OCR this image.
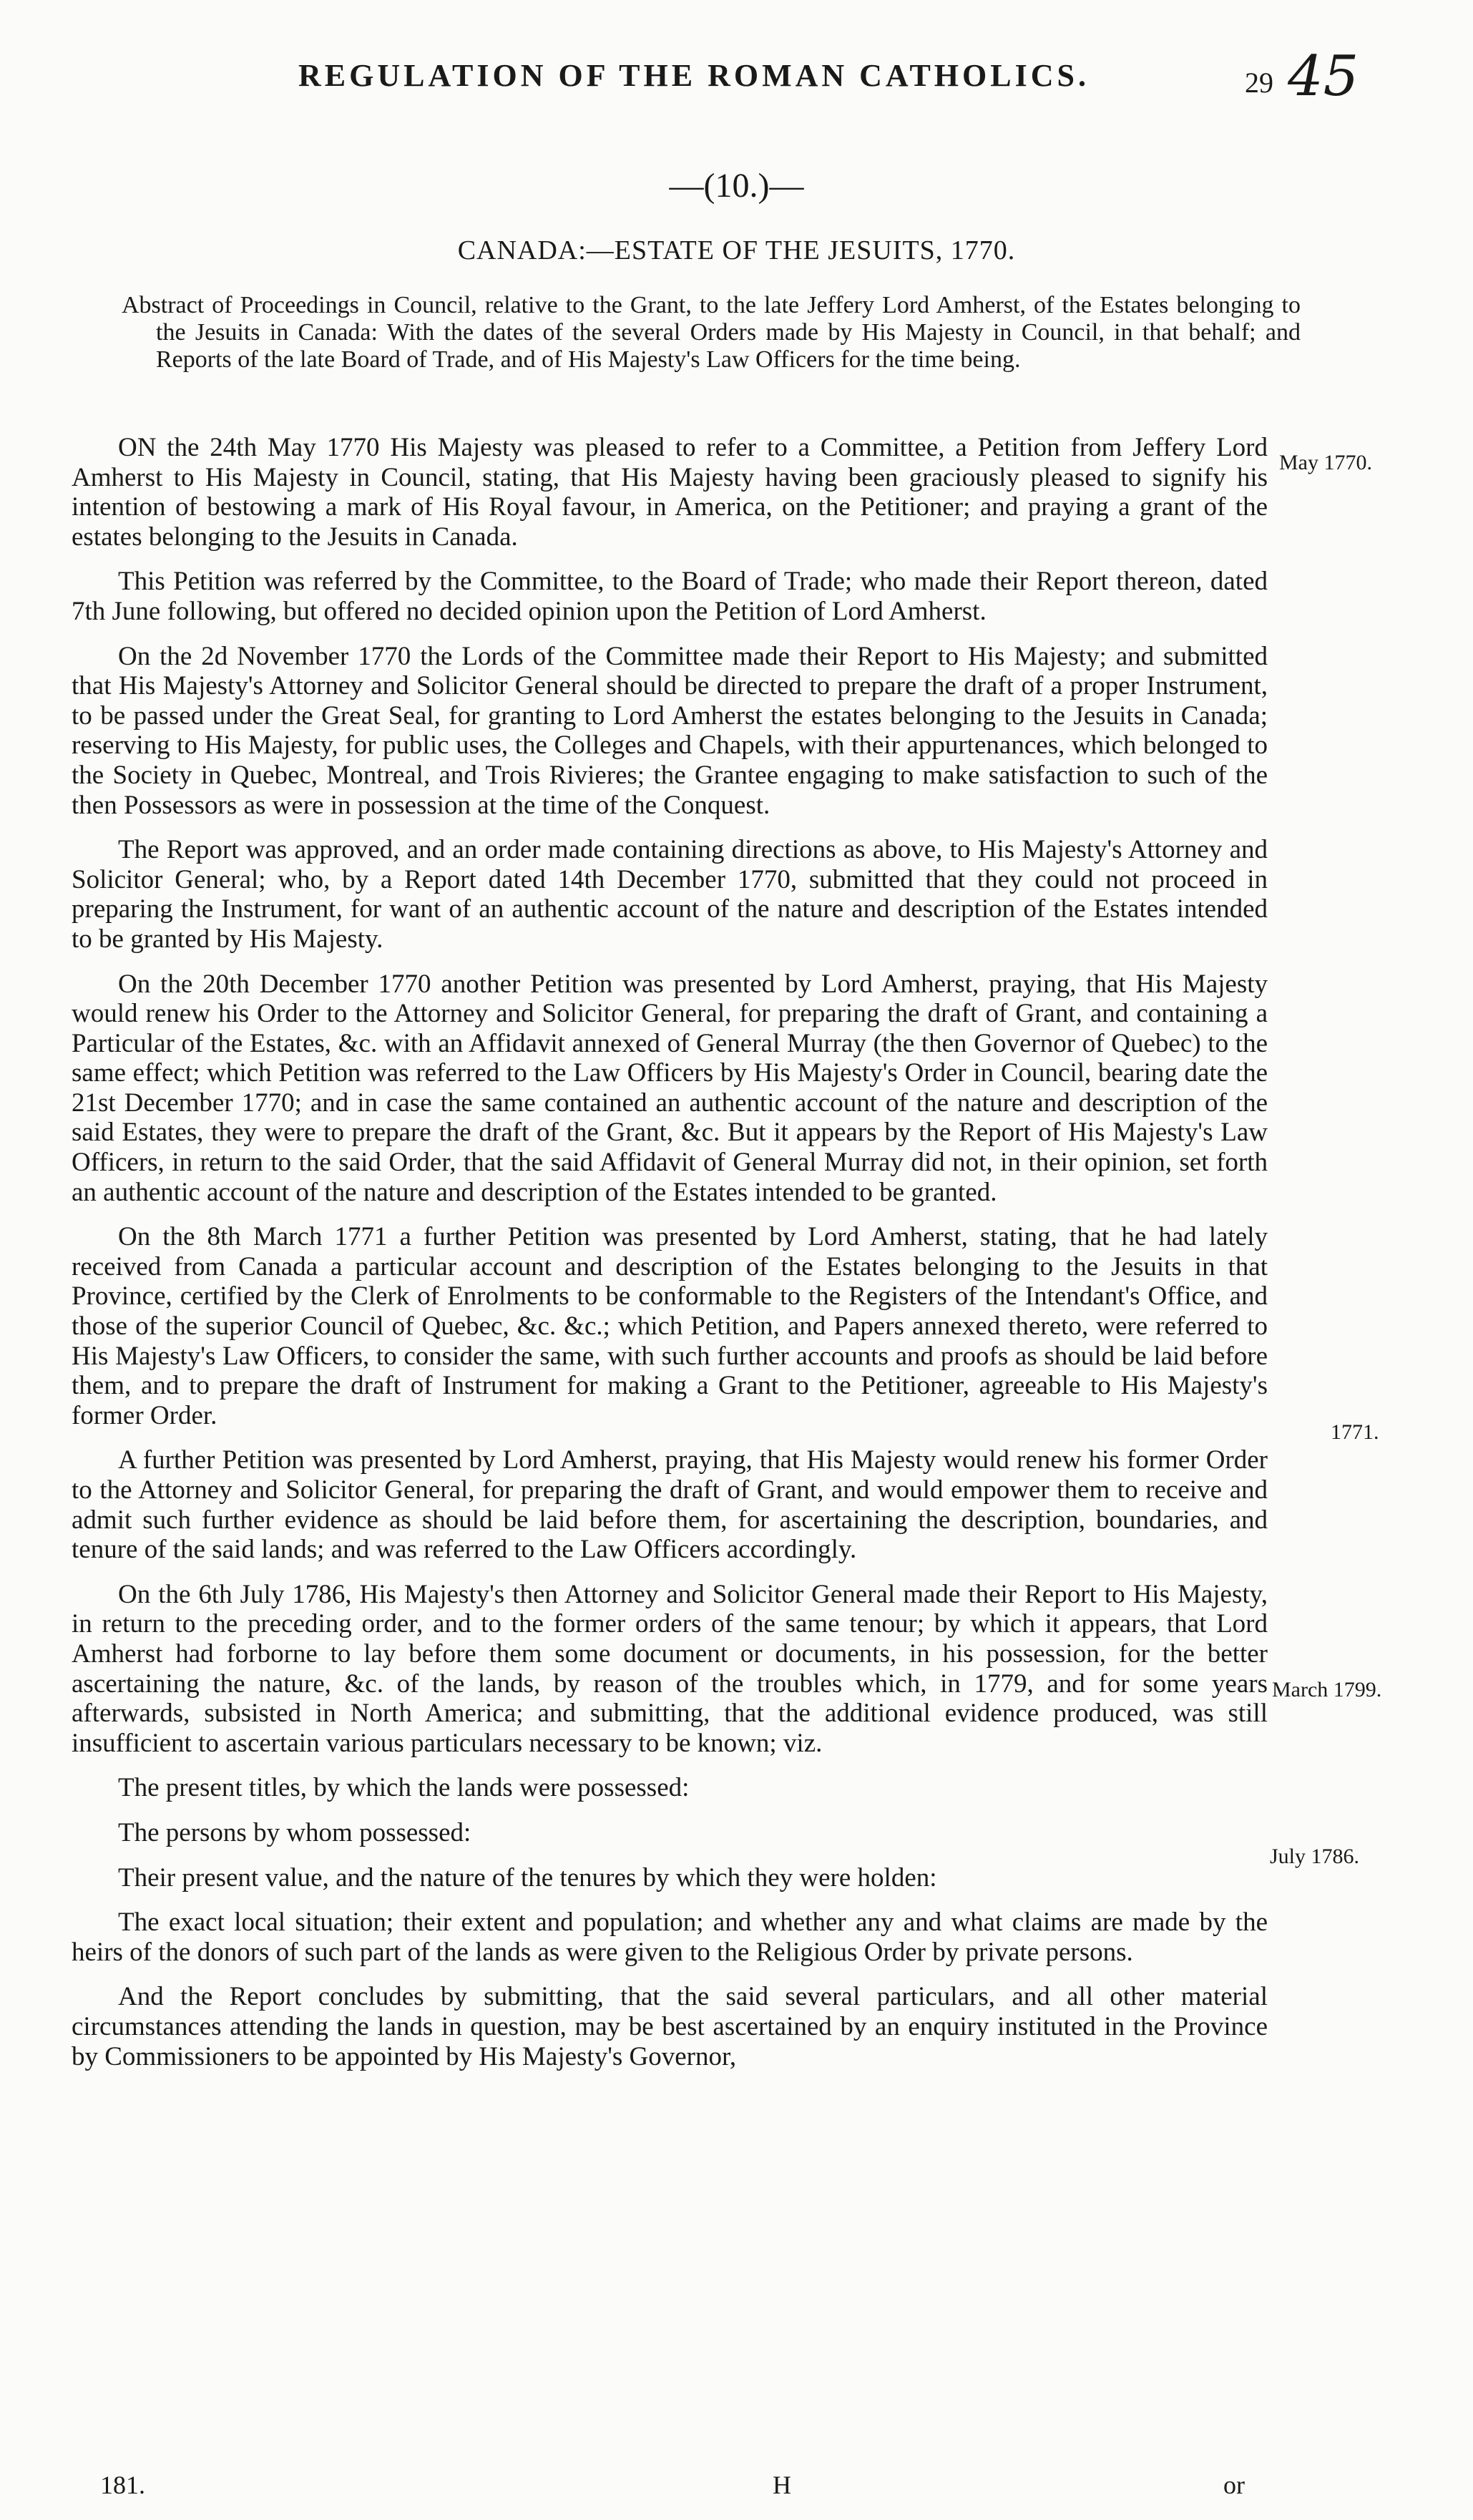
REGULATION OF THE ROMAN CATHOLICS.	29 45
—(10.)—
CANADA:—ESTATE OF THE JESUITS, 1770.
Abstract of Proceedings in Council, relative to the Grant, to the late Jeffery Lord Amherst, of the Estates belonging to the Jesuits in Canada: With the dates of the several Orders made by His Majesty in Council, in that behalf; and Reports of the late Board of Trade, and of His Majesty's Law Officers for the time being.

ON the 24th May 1770 His Majesty was pleased to refer to a Committee, a Petition from Jeffery Lord Amherst to His Majesty in Council, stating, that His Majesty having been graciously pleased to signify his intention of bestowing a mark of His Royal favour, in America, on the Petitioner; and praying a grant of the estates belonging to the Jesuits in Canada.

This Petition was referred by the Committee, to the Board of Trade; who made their Report thereon, dated 7th June following, but offered no decided opinion upon the Petition of Lord Amherst.

On the 2d November 1770 the Lords of the Committee made their Report to His Majesty; and submitted that His Majesty's Attorney and Solicitor General should be directed to prepare the draft of a proper Instrument, to be passed under the Great Seal, for granting to Lord Amherst the estates belonging to the Jesuits in Canada; reserving to His Majesty, for public uses, the Colleges and Chapels, with their appurtenances, which belonged to the Society in Quebec, Montreal, and Trois Rivieres; the Grantee engaging to make satisfaction to such of the then Possessors as were in possession at the time of the Conquest.

The Report was approved, and an order made containing directions as above, to His Majesty's Attorney and Solicitor General; who, by a Report dated 14th December 1770, submitted that they could not proceed in preparing the Instrument, for want of an authentic account of the nature and description of the Estates intended to be granted by His Majesty.

On the 20th December 1770 another Petition was presented by Lord Amherst, praying, that His Majesty would renew his Order to the Attorney and Solicitor General, for preparing the draft of Grant, and containing a Particular of the Estates, &c. with an Affidavit annexed of General Murray (the then Governor of Quebec) to the same effect; which Petition was referred to the Law Officers by His Majesty's Order in Council, bearing date the 21st December 1770; and in case the same contained an authentic account of the nature and description of the said Estates, they were to prepare the draft of the Grant, &c. But it appears by the Report of His Majesty's Law Officers, in return to the said Order, that the said Affidavit of General Murray did not, in their opinion, set forth an authentic account of the nature and description of the Estates intended to be granted.

On the 8th March 1771 a further Petition was presented by Lord Amherst, stating, that he had lately received from Canada a particular account and description of the Estates belonging to the Jesuits in that Province, certified by the Clerk of Enrolments to be conformable to the Registers of the Intendant's Office, and those of the superior Council of Quebec, &c. &c.; which Petition, and Papers annexed thereto, were referred to His Majesty's Law Officers, to consider the same, with such further accounts and proofs as should be laid before them, and to prepare the draft of Instrument for making a Grant to the Petitioner, agreeable to His Majesty's former Order.

A further Petition was presented by Lord Amherst, praying, that His Majesty would renew his former Order to the Attorney and Solicitor General, for preparing the draft of Grant, and would empower them to receive and admit such further evidence as should be laid before them, for ascertaining the description, boundaries, and tenure of the said lands; and was referred to the Law Officers accordingly.

On the 6th July 1786, His Majesty's then Attorney and Solicitor General made their Report to His Majesty, in return to the preceding order, and to the former orders of the same tenour; by which it appears, that Lord Amherst had forborne to lay before them some document or documents, in his possession, for the better ascertaining the nature, &c. of the lands, by reason of the troubles which, in 1779, and for some years afterwards, subsisted in North America; and submitting, that the additional evidence produced, was still insufficient to ascertain various particulars necessary to be known; viz.

The present titles, by which the lands were possessed:

The persons by whom possessed:

Their present value, and the nature of the tenures by which they were holden:

The exact local situation; their extent and population; and whether any and what claims are made by the heirs of the donors of such part of the lands as were given to the Religious Order by private persons.

And the Report concludes by submitting, that the said several particulars, and all other material circumstances attending the lands in question, may be best ascertained by an enquiry instituted in the Province by Commissioners to be appointed by His Majesty's Governor,

May 1770.
1771.
March 1799.
July 1786.
181.	H	or
